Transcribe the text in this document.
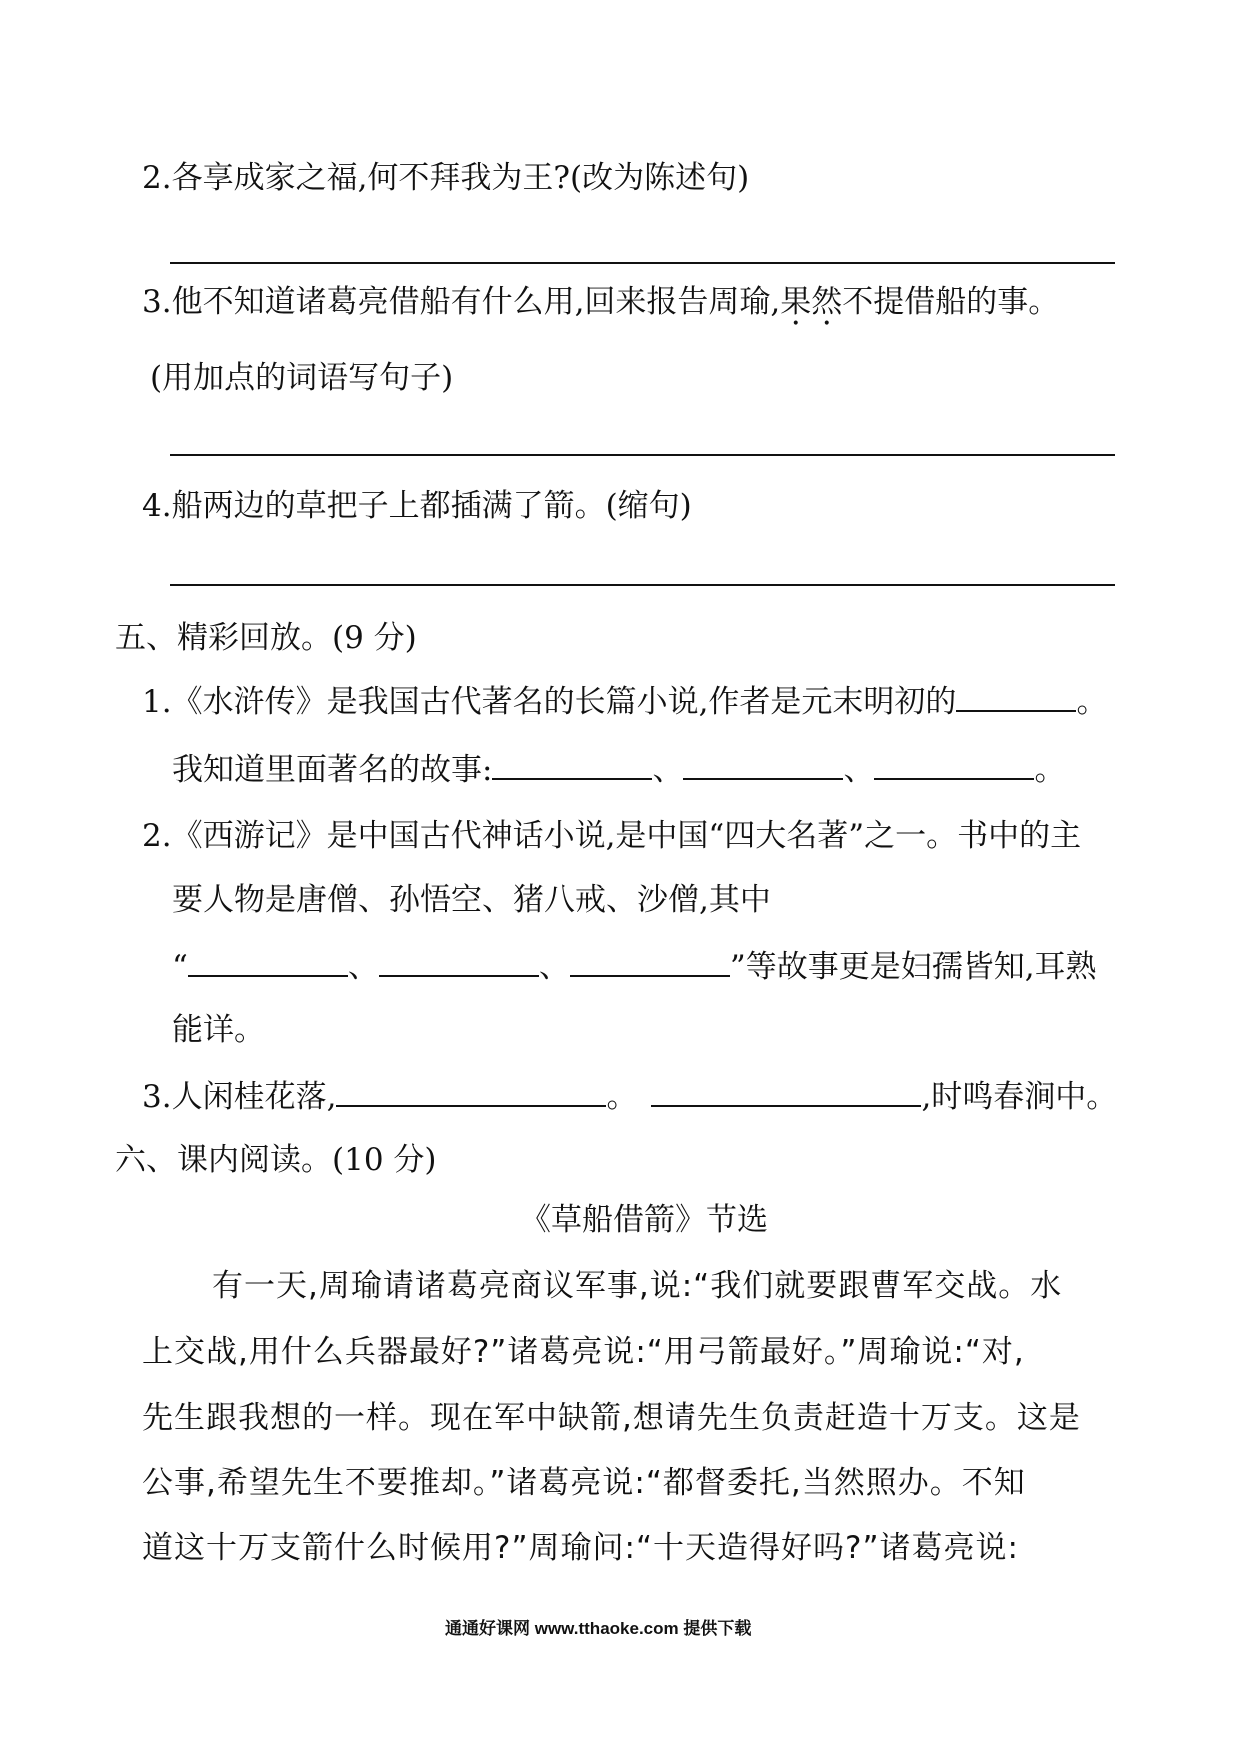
2.各享成家之福,何不拜我为王?(改为陈述句)
3.他不知道诸葛亮借船有什么用,回来报告周瑜,果然不提借船的事。
(用加点的词语写句子)
4.船两边的草把子上都插满了箭。(缩句)
五、精彩回放。(9 分)
1.《水浒传》是我国古代著名的长篇小说,作者是元末明初的	。
我知道里面著名的故事:	、	、	。
2.《西游记》是中国古代神话小说,是中国“四大名著”之一。书中的主
要人物是唐僧、孙悟空、猪八戒、沙僧,其中
“	、	、	”等故事更是妇孺皆知,耳熟
能详。
3.人闲桂花落,	。	,时鸣春涧中。
六、课内阅读。(10 分)
《草船借箭》节选
有一天,周瑜请诸葛亮商议军事,说:“我们就要跟曹军交战。水
上交战,用什么兵器最好?”诸葛亮说:“用弓箭最好。”周瑜说:“对,
先生跟我想的一样。现在军中缺箭,想请先生负责赶造十万支。这是
公事,希望先生不要推却。”诸葛亮说:“都督委托,当然照办。不知
道这十万支箭什么时候用?”周瑜问:“十天造得好吗?”诸葛亮说:
通通好课网 www.tthaoke.com 提供下载
